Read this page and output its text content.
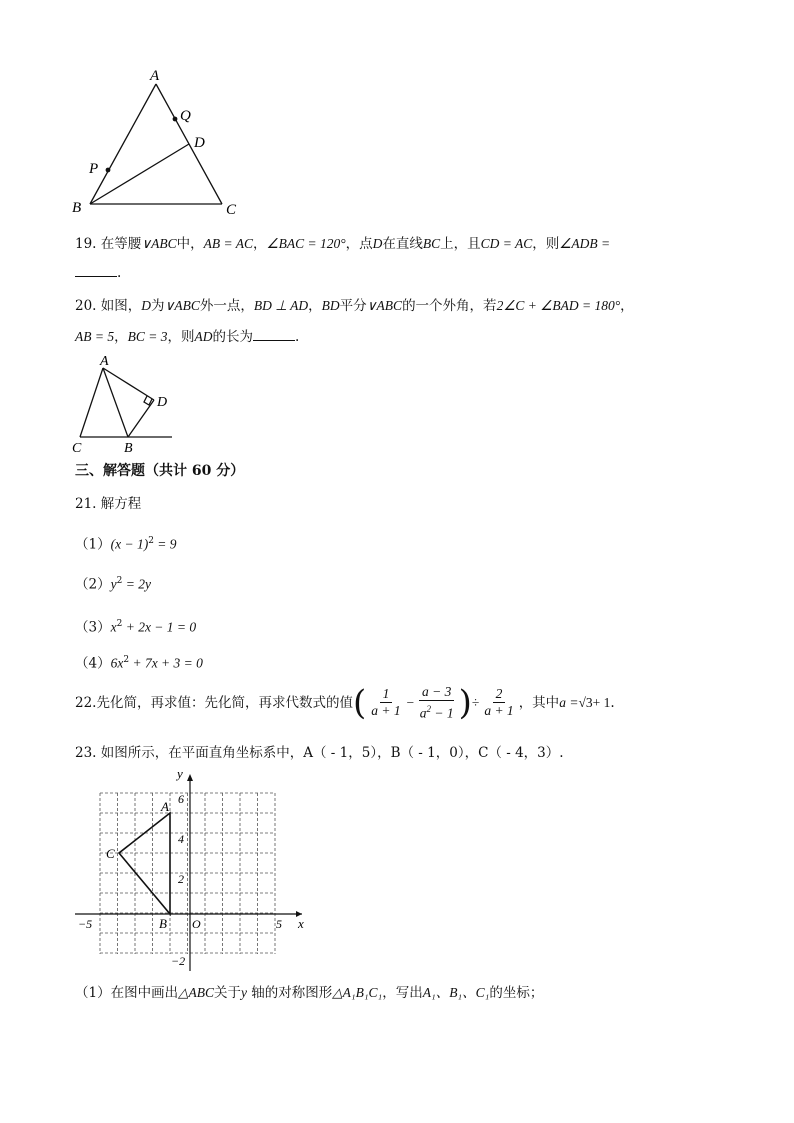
A
Q
D
P
B	C
19. 在等腰∨ABC中，AB = AC，∠BAC = 120°，点D在直线BC上，且CD = AC，则∠ADB =
.
20. 如图，D为∨ABC外一点，BD ⊥ AD，BD平分∨ABC的一个外角，若2∠C + ∠BAD = 180°，
AB = 5，BC = 3，则AD的长为	.
A
D
C	B
三、解答题（共计 60 分）
21. 解方程
$(1)(x - 1)^2 = 9$
$(2)y^2 = 2y$
$(3)x^2 + 2x - 1 = 0$
$(4)6x^2 + 7x + 3 = 0$
22. 先化简，再求值：先化简，再求代数式的值 ( $\frac{1}{a + 1} - \frac{a - 3}{a^2 - 1}$ ) ÷ $\frac{2}{a + 1}$ ，其中 a = √3 + 1 .
23. 如图所示，在平面直角坐标系中，A（ - 1，5），B（ - 1，0），C（ - 4，3）.
y
x
6
4
2
−2
−5	5
O
A
B
C
（1）在图中画出△ABC关于y 轴的对称图形△A₁B₁C₁，写出A₁、B₁、C₁的坐标；
